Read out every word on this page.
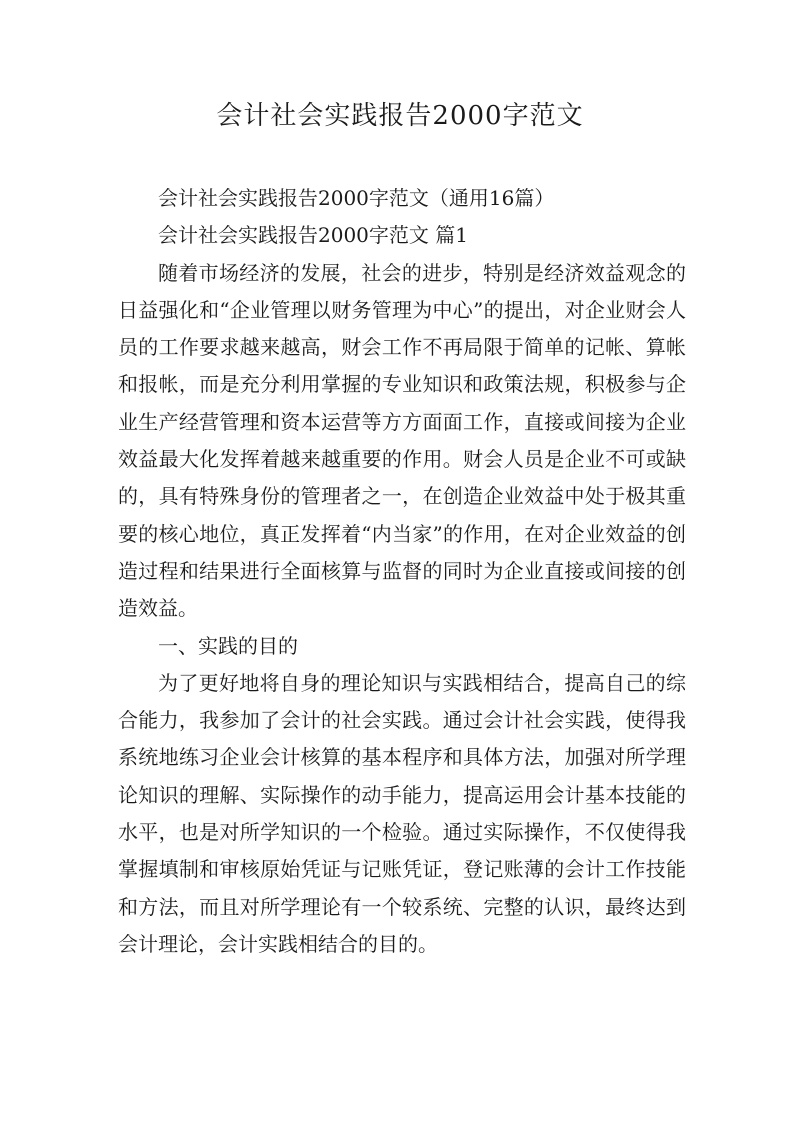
会计社会实践报告2000字范文

会计社会实践报告2000字范文（通用16篇）

会计社会实践报告2000字范文 篇1

随着市场经济的发展，社会的进步，特别是经济效益观念的日益强化和“企业管理以财务管理为中心”的提出，对企业财会人员的工作要求越来越高，财会工作不再局限于简单的记帐、算帐和报帐，而是充分利用掌握的专业知识和政策法规，积极参与企业生产经营管理和资本运营等方方面面工作，直接或间接为企业效益最大化发挥着越来越重要的作用。财会人员是企业不可或缺的，具有特殊身份的管理者之一，在创造企业效益中处于极其重要的核心地位，真正发挥着“内当家”的作用，在对企业效益的创造过程和结果进行全面核算与监督的同时为企业直接或间接的创造效益。

一、实践的目的

为了更好地将自身的理论知识与实践相结合，提高自己的综合能力，我参加了会计的社会实践。通过会计社会实践，使得我系统地练习企业会计核算的基本程序和具体方法，加强对所学理论知识的理解、实际操作的动手能力，提高运用会计基本技能的水平，也是对所学知识的一个检验。通过实际操作，不仅使得我掌握填制和审核原始凭证与记账凭证，登记账薄的会计工作技能和方法，而且对所学理论有一个较系统、完整的认识，最终达到会计理论，会计实践相结合的目的。
